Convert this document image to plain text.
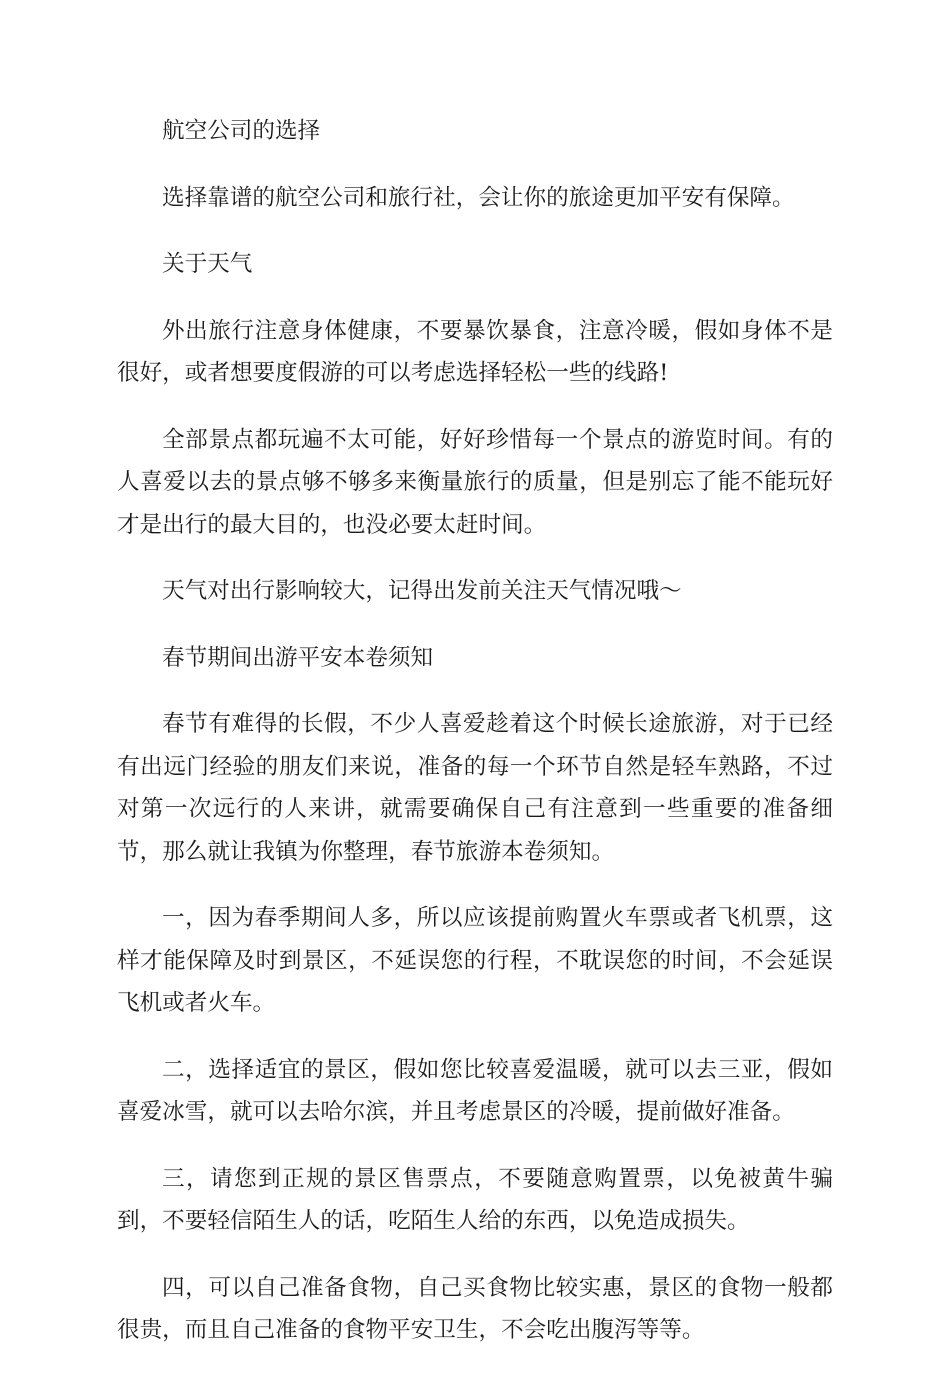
航空公司的选择

选择靠谱的航空公司和旅行社，会让你的旅途更加平安有保障。

关于天气

外出旅行注意身体健康，不要暴饮暴食，注意冷暖，假如身体不是很好，或者想要度假游的可以考虑选择轻松一些的线路!

全部景点都玩遍不太可能，好好珍惜每一个景点的游览时间。有的人喜爱以去的景点够不够多来衡量旅行的质量，但是别忘了能不能玩好才是出行的最大目的，也没必要太赶时间。

天气对出行影响较大，记得出发前关注天气情况哦～

春节期间出游平安本卷须知

春节有难得的长假，不少人喜爱趁着这个时候长途旅游，对于已经有出远门经验的朋友们来说，准备的每一个环节自然是轻车熟路，不过对第一次远行的人来讲，就需要确保自己有注意到一些重要的准备细节，那么就让我镇为你整理，春节旅游本卷须知。

一，因为春季期间人多，所以应该提前购置火车票或者飞机票，这样才能保障及时到景区，不延误您的行程，不耽误您的时间，不会延误飞机或者火车。

二，选择适宜的景区，假如您比较喜爱温暖，就可以去三亚，假如喜爱冰雪，就可以去哈尔滨，并且考虑景区的冷暖，提前做好准备。

三，请您到正规的景区售票点，不要随意购置票，以免被黄牛骗到，不要轻信陌生人的话，吃陌生人给的东西，以免造成损失。

四，可以自己准备食物，自己买食物比较实惠，景区的食物一般都很贵，而且自己准备的食物平安卫生，不会吃出腹泻等等。
